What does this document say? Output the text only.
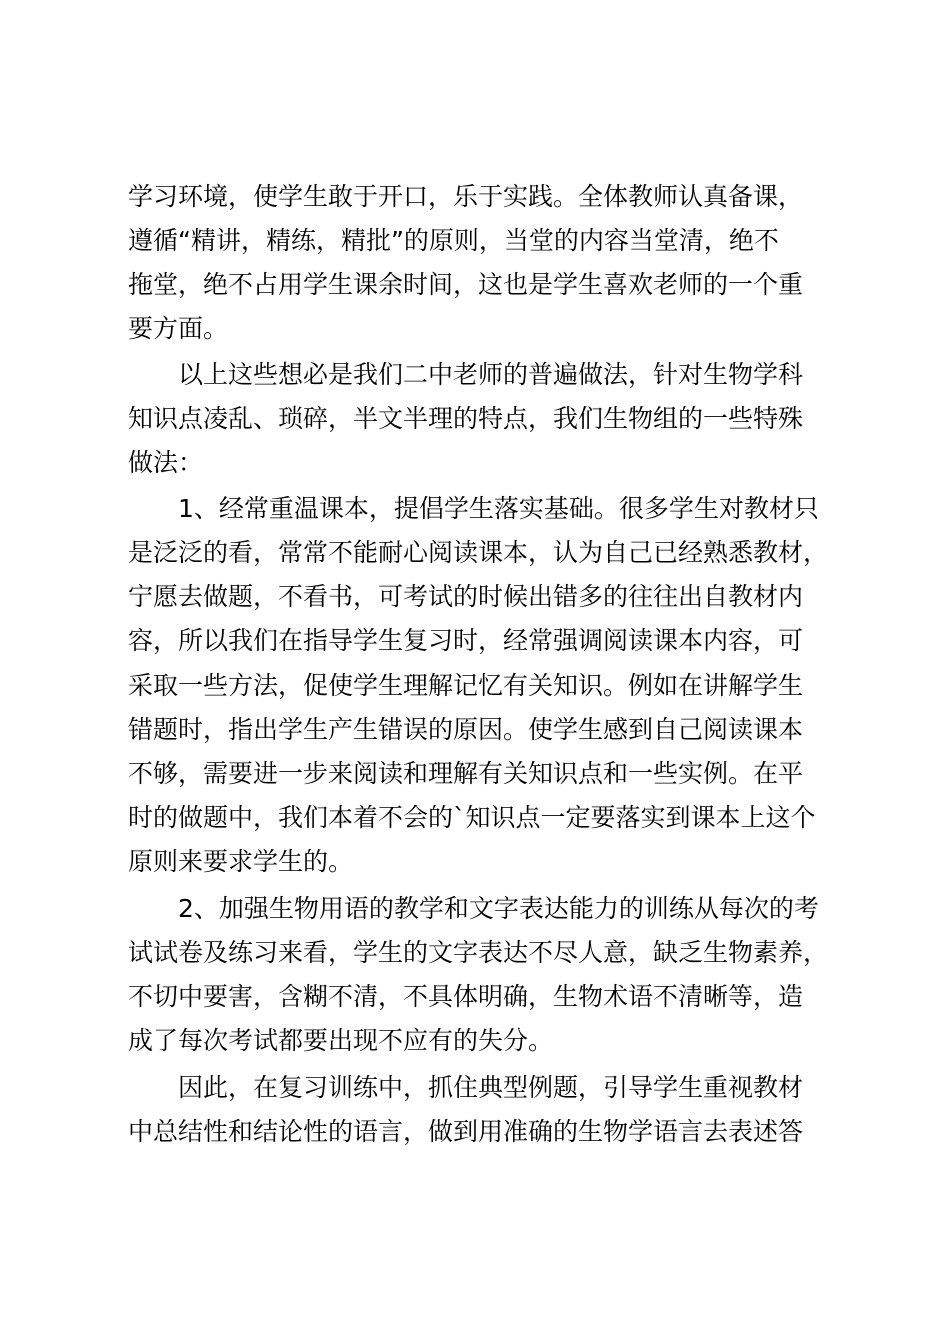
学习环境，使学生敢于开口，乐于实践。全体教师认真备课，
遵循“精讲，精练，精批”的原则，当堂的内容当堂清，绝不
拖堂，绝不占用学生课余时间，这也是学生喜欢老师的一个重
要方面。
以上这些想必是我们二中老师的普遍做法，针对生物学科
知识点凌乱、琐碎，半文半理的特点，我们生物组的一些特殊
做法：
1、经常重温课本，提倡学生落实基础。很多学生对教材只
是泛泛的看，常常不能耐心阅读课本，认为自己已经熟悉教材，
宁愿去做题，不看书，可考试的时候出错多的往往出自教材内
容，所以我们在指导学生复习时，经常强调阅读课本内容，可
采取一些方法，促使学生理解记忆有关知识。例如在讲解学生
错题时，指出学生产生错误的原因。使学生感到自己阅读课本
不够，需要进一步来阅读和理解有关知识点和一些实例。在平
时的做题中，我们本着不会的`知识点一定要落实到课本上这个
原则来要求学生的。
2、加强生物用语的教学和文字表达能力的训练从每次的考
试试卷及练习来看，学生的文字表达不尽人意，缺乏生物素养，
不切中要害，含糊不清，不具体明确，生物术语不清晰等，造
成了每次考试都要出现不应有的失分。
因此，在复习训练中，抓住典型例题，引导学生重视教材
中总结性和结论性的语言，做到用准确的生物学语言去表述答
